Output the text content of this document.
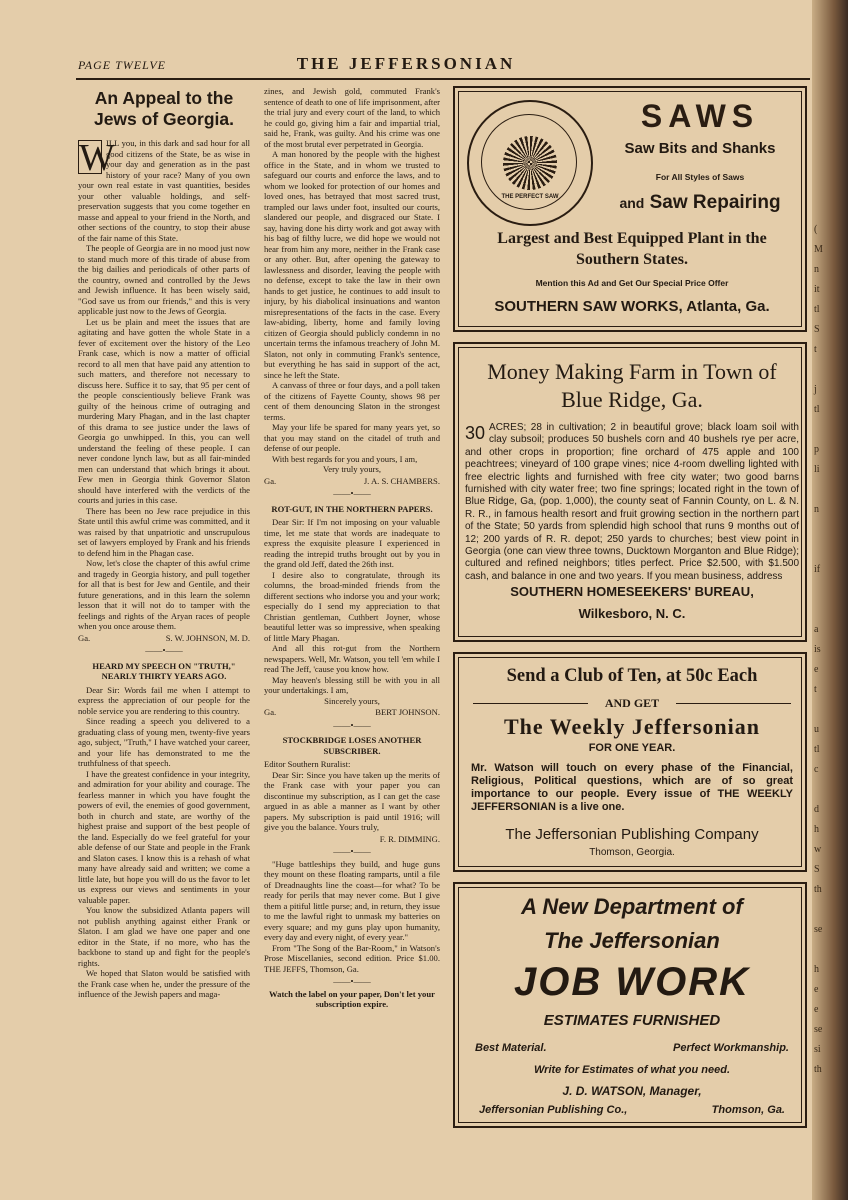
PAGE TWELVE	THE JEFFERSONIAN
An Appeal to the Jews of Georgia.
W

ILL you, in this dark and sad hour for all good citizens of the State, be as wise in your day and generation as in the past history of your race? Many of you own your own real estate in vast quantities, besides your other valuable holdings, and self-preservation suggests that you come together en masse and appeal to your friend in the North, and other sections of the country, to stop their abuse of the fair name of this State.

The people of Georgia are in no mood just now to stand much more of this tirade of abuse from the big dailies and periodicals of other parts of the country, owned and controlled by the Jews and Jewish influence. It has been wisely said, "God save us from our friends," and this is very applicable just now to the Jews of Georgia.

Let us be plain and meet the issues that are agitating and have gotten the whole State in a fever of excitement over the history of the Leo Frank case, which is now a matter of official record to all men that have paid any attention to such matters, and therefore not necessary to discuss here. Suffice it to say, that 95 per cent of the people conscientiously believe Frank was guilty of the heinous crime of outraging and murdering Mary Phagan, and in the last chapter of this drama to see justice under the laws of Georgia go unwhipped. In this, you can well understand the feeling of these people. I can never condone lynch law, but as all fair-minded men can understand that which brings it about. Few men in Georgia think Governor Slaton should have interfered with the verdicts of the courts and juries in this case.

There has been no Jew race prejudice in this State until this awful crime was committed, and it was raised by that unpatriotic and unscrupulous set of lawyers employed by Frank and his friends to defend him in the Phagan case.

Now, let's close the chapter of this awful crime and tragedy in Georgia history, and pull together for all that is best for Jew and Gentile, and their future generations, and in this learn the solemn lesson that it will not do to tamper with the feelings and rights of the Aryan races of people when you once arouse them.

Ga.	S. W. JOHNSON, M. D.
——•——
HEARD MY SPEECH ON "TRUTH," NEARLY THIRTY YEARS AGO.

Dear Sir: Words fail me when I attempt to express the appreciation of our people for the noble service you are rendering to this country.

Since reading a speech you delivered to a graduating class of young men, twenty-five years ago, subject, "Truth," I have watched your career, and your life has demonstrated to me the truthfulness of that speech.

I have the greatest confidence in your integrity, and admiration for your ability and courage. The fearless manner in which you have fought the powers of evil, the enemies of good government, both in church and state, are worthy of the highest praise and support of the best people of the land. Especially do we feel grateful for your able defense of our State and people in the Frank and Slaton cases. I know this is a rehash of what many have already said and written; we come a little late, but hope you will do us the favor to let us express our views and sentiments in your valuable paper.

You know the subsidized Atlanta papers will not publish anything against either Frank or Slaton. I am glad we have one paper and one editor in the State, if no more, who has the backbone to stand up and fight for the people's rights.

We hoped that Slaton would be satisfied with the Frank case when he, under the pressure of the influence of the Jewish papers and maga-

zines, and Jewish gold, commuted Frank's sentence of death to one of life imprisonment, after the trial jury and every court of the land, to which he could go, giving him a fair and impartial trial, said he, Frank, was guilty. And his crime was one of the most brutal ever perpetrated in Georgia.

A man honored by the people with the highest office in the State, and in whom we trusted to safeguard our courts and enforce the laws, and to whom we looked for protection of our homes and loved ones, has betrayed that most sacred trust, trampled our laws under foot, insulted our courts, slandered our people, and disgraced our State. I say, having done his dirty work and got away with his bag of filthy lucre, we did hope we would not hear from him any more, neither in the Frank case or any other. But, after opening the gateway to lawlessness and disorder, leaving the people with no defense, except to take the law in their own hands to get justice, he continues to add insult to injury, by his diabolical insinuations and wanton misrepresentations of the facts in the case. Every law-abiding, liberty, home and family loving citizen of Georgia should publicly condemn in no uncertain terms the infamous treachery of John M. Slaton, not only in commuting Frank's sentence, but everything he has said in support of the act, since he left the State.

A canvass of three or four days, and a poll taken of the citizens of Fayette County, shows 98 per cent of them denouncing Slaton in the strongest terms.

May your life be spared for many years yet, so that you may stand on the citadel of truth and defense of our people.

With best regards for you and yours, I am,

Very truly yours,
Ga.	J. A. S. CHAMBERS.
——•——
ROT-GUT, IN THE NORTHERN PAPERS.

Dear Sir: If I'm not imposing on your valuable time, let me state that words are inadequate to express the exquisite pleasure I experienced in reading the intrepid truths brought out by you in the grand old Jeff, dated the 26th inst.

I desire also to congratulate, through its columns, the broad-minded friends from the different sections who indorse you and your work; especially do I send my appreciation to that Christian gentleman, Cuthbert Joyner, whose beautiful letter was so impressive, when speaking of little Mary Phagan.

And all this rot-gut from the Northern newspapers. Well, Mr. Watson, you tell 'em while I read The Jeff, 'cause you know how.

May heaven's blessing still be with you in all your undertakings. I am,

Sincerely yours,
Ga.	BERT JOHNSON.
——•——
STOCKBRIDGE LOSES ANOTHER SUBSCRIBER.

Editor Southern Ruralist:

Dear Sir: Since you have taken up the merits of the Frank case with your paper you can discontinue my subscription, as I can get the case argued in as able a manner as I want by other papers. My subscription is paid until 1916; will give you the balance. Yours truly,

F. R. DIMMING.
——•——

"Huge battleships they build, and huge guns they mount on these floating ramparts, until a file of Dreadnaughts line the coast—for what? To be ready for perils that may never come. But I give them a pitiful little purse; and, in return, they issue to me the lawful right to unmask my batteries on every square; and my guns play upon humanity, every day and every night, of every year."

From "The Song of the Bar-Room," in Watson's Prose Miscellanies, second edition. Price $1.00. THE JEFFS, Thomson, Ga.

——•——

Watch the label on your paper, Don't let your subscription expire.

THE PERFECT SAW
SAWS
Saw Bits and Shanks
For All Styles of Saws
and Saw Repairing
Largest and Best Equipped Plant in the Southern States.
Mention this Ad and Get Our Special Price Offer
SOUTHERN SAW WORKS, Atlanta, Ga.
Money Making Farm in Town of Blue Ridge, Ga.
30 ACRES; 28 in cultivation; 2 in beautiful grove; black loam soil with clay subsoil; produces 50 bushels corn and 40 bushels rye per acre, and other crops in proportion; fine orchard of 475 apple and 100 peachtrees; vineyard of 100 grape vines; nice 4-room dwelling lighted with free electric lights and furnished with free city water; two good barns furnished with city water free; two fine springs; located right in the town of Blue Ridge, Ga, (pop. 1,000), the county seat of Fannin County, on L. & N. R. R., in famous health resort and fruit growing section in the northern part of the State; 50 yards from splendid high school that runs 9 months out of 12; 200 yards of R. R. depot; 250 yards to churches; best view point in Georgia (one can view three towns, Ducktown Morganton and Blue Ridge); cultured and refined neighbors; titles perfect. Price $2.500, with $1.500 cash, and balance in one and two years. If you mean business, address
SOUTHERN HOMESEEKERS' BUREAU,
Wilkesboro, N. C.
Send a Club of Ten, at 50c Each
AND GET
The Weekly Jeffersonian
FOR ONE YEAR.
Mr. Watson will touch on every phase of the Financial, Religious, Political questions, which are of so great importance to our people. Every issue of THE WEEKLY JEFFERSONIAN is a live one.
The Jeffersonian Publishing Company
Thomson, Georgia.
A New Department of
The Jeffersonian
JOB WORK
ESTIMATES FURNISHED
Best Material.	Perfect Workmanship.
Write for Estimates of what you need.
J. D. WATSON, Manager,
Jeffersonian Publishing Co.,	Thomson, Ga.
(
M
n
it
tl
S
t

j
tl

p
li

n

if

a
is
e
t

u
tl
c

d
h
w
S
th

se

h
e
e
se
si
th
